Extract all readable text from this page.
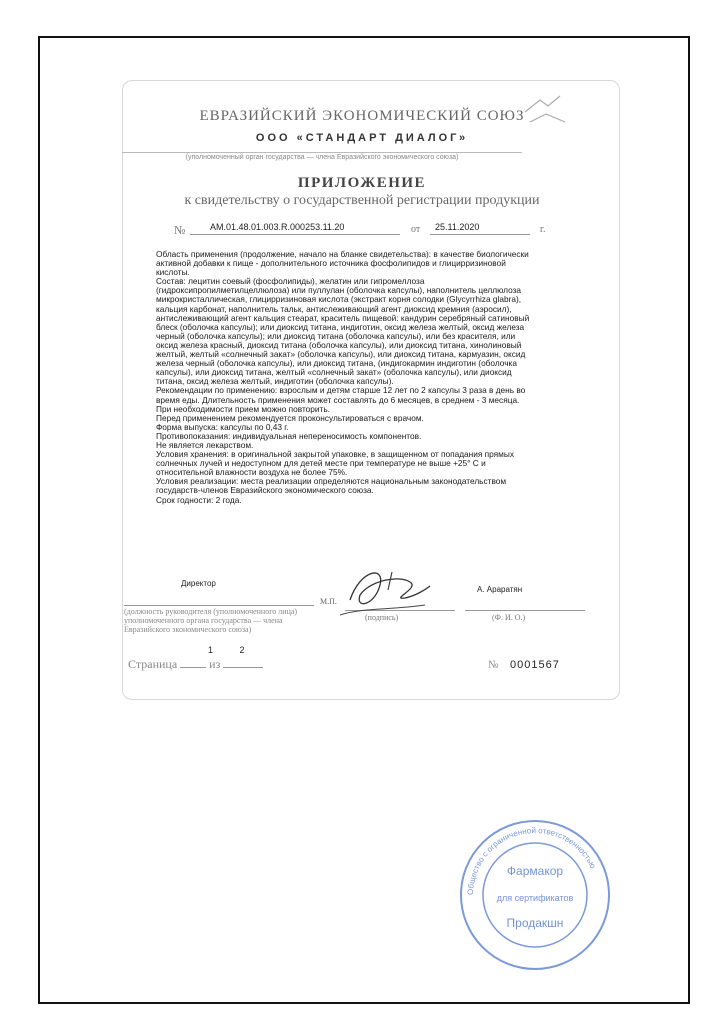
ЕВРАЗИЙСКИЙ ЭКОНОМИЧЕСКИЙ СОЮЗ
ООО «СТАНДАРТ ДИАЛОГ»
(уполномоченный орган государства — члена Евразийского экономического союза)
ПРИЛОЖЕНИЕ
к свидетельству о государственной регистрации продукции
№	AM.01.48.01.003.R.000253.11.20	от 25.11.2020	г.

Область применения (продолжение, начало на бланке свидетельства): в качестве биологически активной добавки к пище - дополнительного источника фосфолипидов и глицирризиновой кислоты.

Состав: лецитин соевый (фосфолипиды), желатин или гипромеллоза (гидроксипропилметилцеллюлоза) или пуллулан (оболочка капсулы), наполнитель целлюлоза микрокристаллическая, глицирризиновая кислота (экстракт корня солодки (Glycyrrhiza glabra), кальция карбонат, наполнитель тальк, антислеживающий агент диоксид кремния (аэросил), антислеживающий агент кальция стеарат, краситель пищевой: кандурин серебряный сатиновый блеск (оболочка капсулы); или диоксид титана, индиготин, оксид железа желтый, оксид железа черный (оболочка капсулы); или диоксид титана (оболочка капсулы), или без красителя, или оксид железа красный, диоксид титана (оболочка капсулы), или диоксид титана, хинолиновый желтый, желтый «солнечный закат» (оболочка капсулы), или диоксид титана, кармуазин, оксид железа черный (оболочка капсулы), или диоксид титана, (индигокармин индиготин (оболочка капсулы), или диоксид титана, желтый «солнечный закат» (оболочка капсулы), или диоксид титана, оксид железа желтый, индиготин (оболочка капсулы).

Рекомендации по применению: взрослым и детям старше 12 лет по 2 капсулы 3 раза в день во время еды. Длительность применения может составлять до 6 месяцев, в среднем - 3 месяца. При необходимости прием можно повторить.

Перед применением рекомендуется проконсультироваться с врачом.

Форма выпуска: капсулы по 0,43 г.

Противопоказания: индивидуальная непереносимость компонентов.

Не является лекарством.

Условия хранения: в оригинальной закрытой упаковке, в защищенном от попадания прямых солнечных лучей и недоступном для детей месте при температуре не выше +25° С и относительной влажности воздуха не более 75%.

Условия реализации: места реализации определяются национальным законодательством государств-членов Евразийского экономического союза.

Срок годности: 2 года.

Директор
А. Араратян
М.П.
(подпись)	(Ф. И. О.)
(должность руководителя (уполномоченного лица) уполномоченного органа государства — члена Евразийского экономического союза)
1	2
Страница	из	№ 0001567
Общество с ограниченной ответственностью
Фармакор
для сертификатов
Продакшн
